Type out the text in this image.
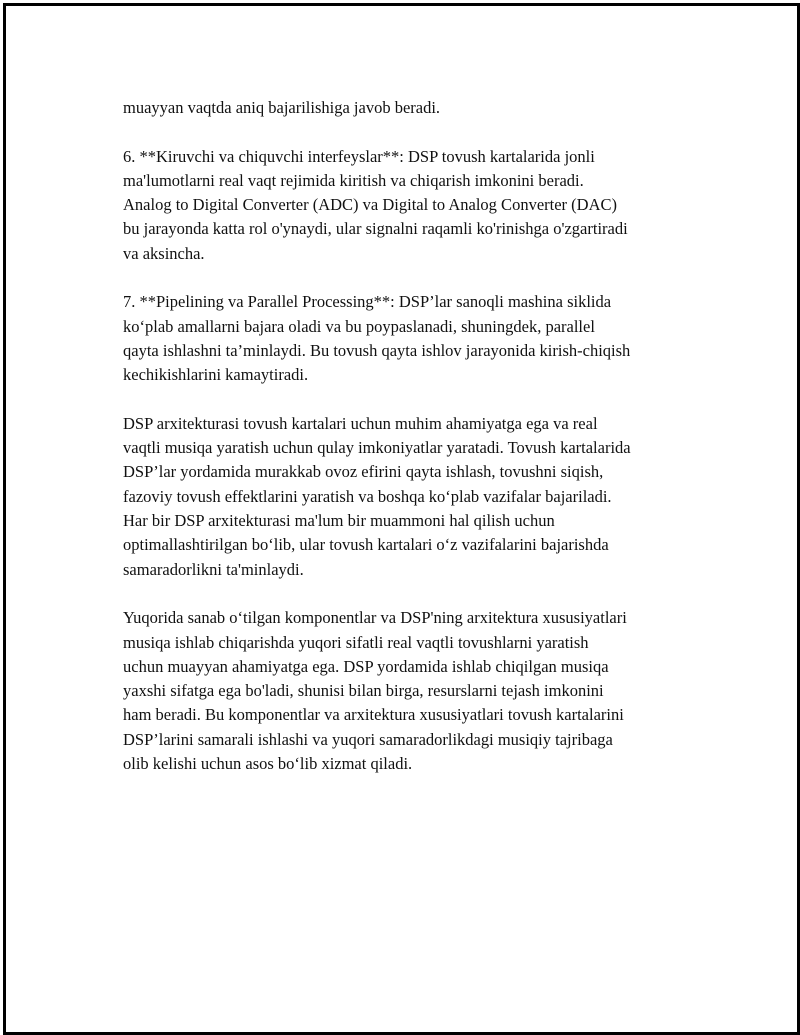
muayyan vaqtda aniq bajarilishiga javob beradi.

6. **Kiruvchi va chiquvchi interfeyslar**: DSP tovush kartalarida jonli
ma'lumotlarni real vaqt rejimida kiritish va chiqarish imkonini beradi.
Analog to Digital Converter (ADC) va Digital to Analog Converter (DAC)
bu jarayonda katta rol o'ynaydi, ular signalni raqamli ko'rinishga o'zgartiradi
va aksincha.

7. **Pipelining va Parallel Processing**: DSP’lar sanoqli mashina siklida
ko‘plab amallarni bajara oladi va bu poypaslanadi, shuningdek, parallel
qayta ishlashni ta’minlaydi. Bu tovush qayta ishlov jarayonida kirish-chiqish
kechikishlarini kamaytiradi.

DSP arxitekturasi tovush kartalari uchun muhim ahamiyatga ega va real
vaqtli musiqa yaratish uchun qulay imkoniyatlar yaratadi. Tovush kartalarida
DSP’lar yordamida murakkab ovoz efirini qayta ishlash, tovushni siqish,
fazoviy tovush effektlarini yaratish va boshqa ko‘plab vazifalar bajariladi.
Har bir DSP arxitekturasi ma'lum bir muammoni hal qilish uchun
optimallashtirilgan bo‘lib, ular tovush kartalari o‘z vazifalarini bajarishda
samaradorlikni ta'minlaydi.

Yuqorida sanab o‘tilgan komponentlar va DSP'ning arxitektura xususiyatlari
musiqa ishlab chiqarishda yuqori sifatli real vaqtli tovushlarni yaratish
uchun muayyan ahamiyatga ega. DSP yordamida ishlab chiqilgan musiqa
yaxshi sifatga ega bo'ladi, shunisi bilan birga, resurslarni tejash imkonini
ham beradi. Bu komponentlar va arxitektura xususiyatlari tovush kartalarini
DSP’larini samarali ishlashi va yuqori samaradorlikdagi musiqiy tajribaga
olib kelishi uchun asos bo‘lib xizmat qiladi.
